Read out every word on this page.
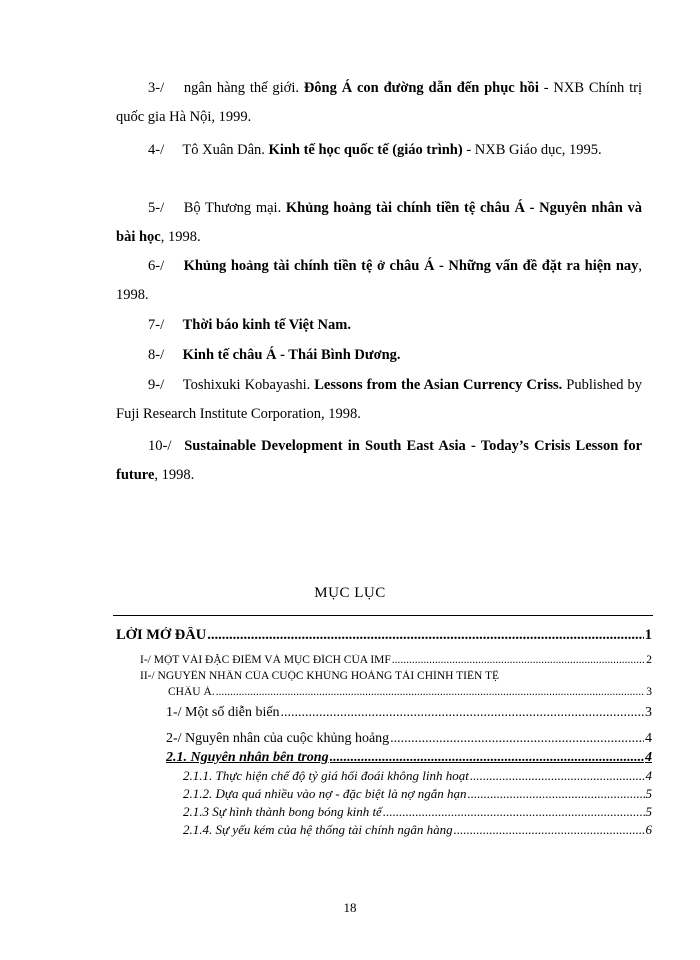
3-/ ngân hàng thế giới. Đông Á con đường dẫn đến phục hồi - NXB Chính trị quốc gia Hà Nội, 1999.

4-/ Tô Xuân Dân. Kinh tế học quốc tế (giáo trình) - NXB Giáo dục, 1995.

5-/ Bộ Thương mại. Khủng hoảng tài chính tiền tệ châu Á - Nguyên nhân và bài học, 1998.

6-/ Khủng hoảng tài chính tiền tệ ở châu Á - Những vấn đề đặt ra hiện nay, 1998.

7-/ Thời báo kinh tế Việt Nam.

8-/ Kinh tế châu Á - Thái Bình Dương.

9-/ Toshixuki Kobayashi. Lessons from the Asian Currency Criss. Published by Fuji Research Institute Corporation, 1998.

10-/ Sustainable Development in South East Asia - Today’s Crisis Lesson for future, 1998.

MỤC LỤC

LỜI MỞ ĐẦU .....	1
I-/ MỘT VÀI ĐẶC ĐIỂM VÀ MỤC ĐÍCH CỦA IMF .....	2
II-/ NGUYÊN NHÂN CỦA CUỘC KHỦNG HOẢNG TÀI CHÍNH TIỀN TỆ
CHÂU Á. .....	3
1-/ Một số diễn biến .....	3
2-/ Nguyên nhân của cuộc khủng hoảng .....	4
2.1. Nguyên nhân bên trong .....	4
2.1.1. Thực hiện chế độ tỷ giá hối đoái không linh hoạt .....	4
2.1.2. Dựa quá nhiều vào nợ - đặc biệt là nợ ngắn hạn .....	5
2.1.3 Sự hình thành bong bóng kinh tế .....	5
2.1.4. Sự yếu kém của hệ thống tài chính ngân hàng .....	6

18
